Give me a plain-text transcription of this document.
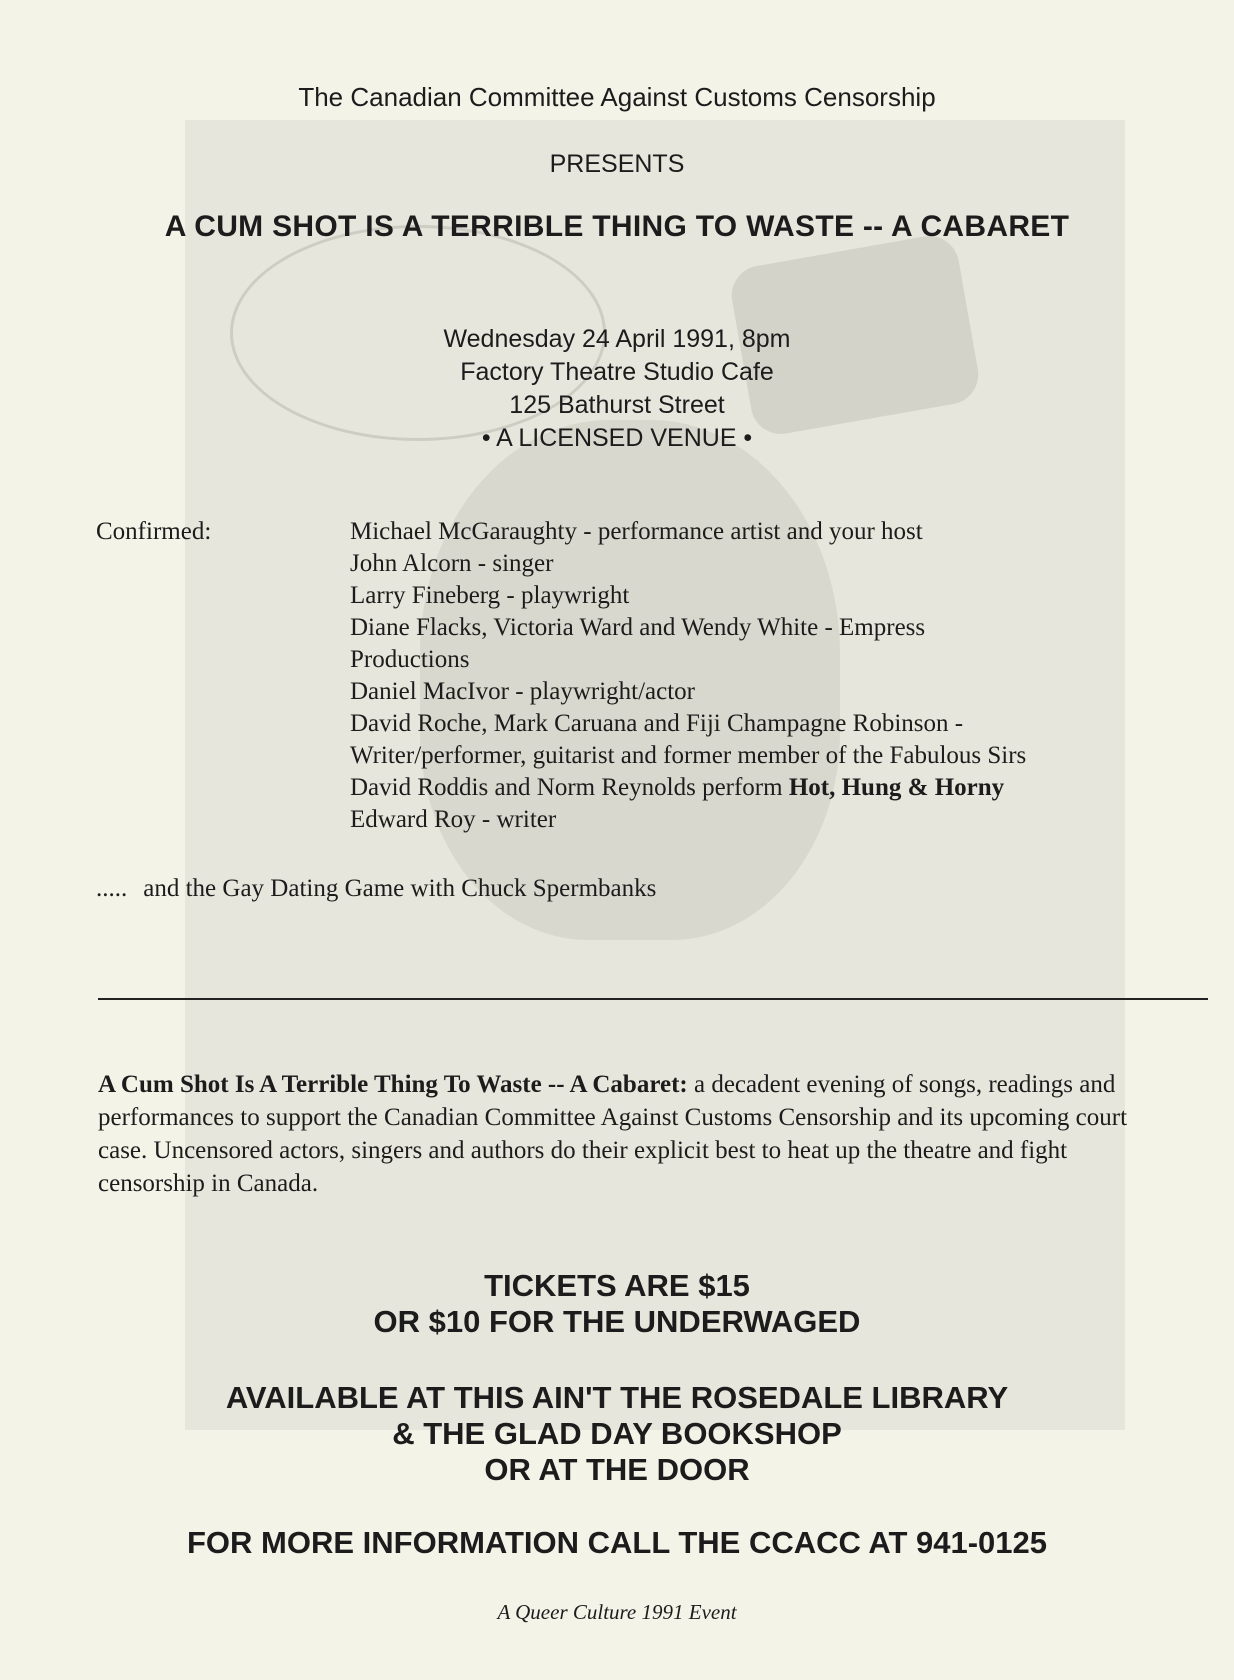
The Canadian Committee Against Customs Censorship
PRESENTS
A CUM SHOT IS A TERRIBLE THING TO WASTE -- A CABARET
Wednesday 24 April 1991, 8pm
Factory Theatre Studio Cafe
125 Bathurst Street
• A LICENSED VENUE •
Confirmed:	Michael McGaraughty - performance artist and your host
John Alcorn - singer
Larry Fineberg - playwright
Diane Flacks, Victoria Ward and Wendy White - Empress
Productions
Daniel MacIvor - playwright/actor
David Roche, Mark Caruana and Fiji Champagne Robinson -
Writer/performer, guitarist and former member of the Fabulous Sirs
David Roddis and Norm Reynolds perform Hot, Hung & Horny
Edward Roy - writer
..... and the Gay Dating Game with Chuck Spermbanks
A Cum Shot Is A Terrible Thing To Waste -- A Cabaret: a decadent evening of songs, readings and performances to support the Canadian Committee Against Customs Censorship and its upcoming court case. Uncensored actors, singers and authors do their explicit best to heat up the theatre and fight censorship in Canada.
TICKETS ARE $15
OR $10 FOR THE UNDERWAGED
AVAILABLE AT THIS AIN'T THE ROSEDALE LIBRARY
& THE GLAD DAY BOOKSHOP
OR AT THE DOOR
FOR MORE INFORMATION CALL THE CCACC AT 941-0125
A Queer Culture 1991 Event
